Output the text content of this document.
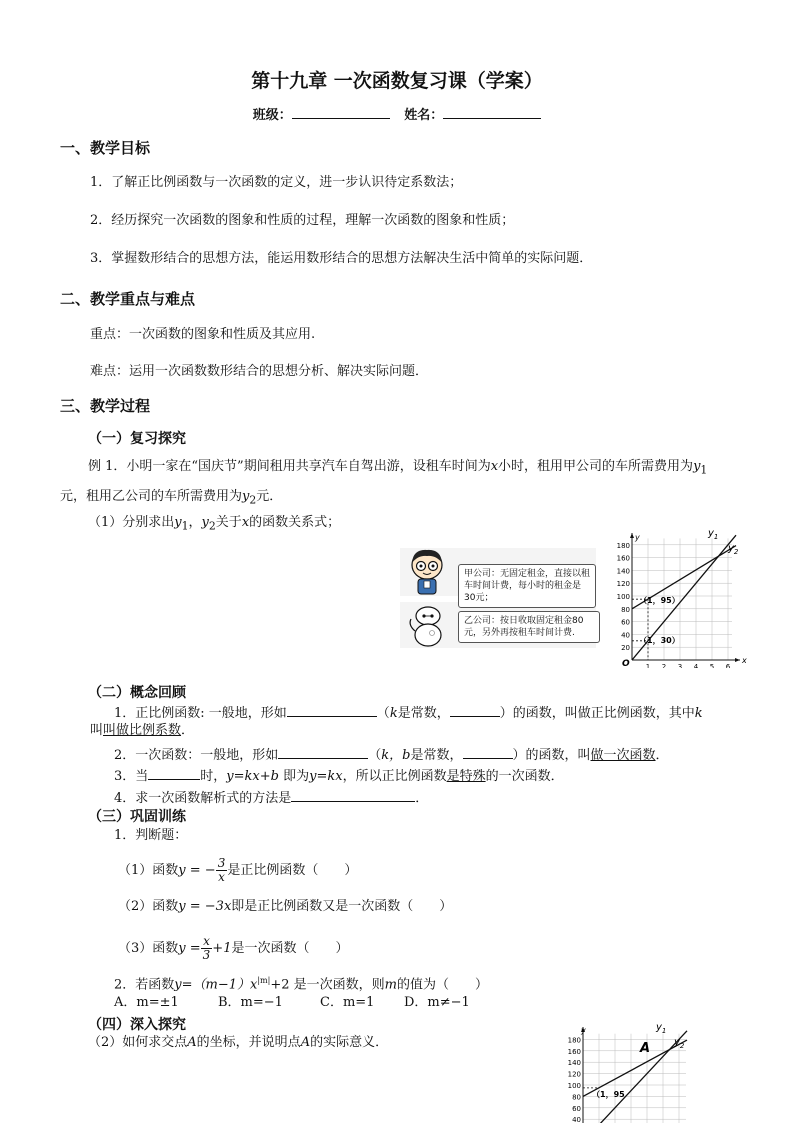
第十九章 一次函数复习课（学案）
班级：	姓名：
一、教学目标
1．了解正比例函数与一次函数的定义，进一步认识待定系数法；
2．经历探究一次函数的图象和性质的过程，理解一次函数的图象和性质；
3．掌握数形结合的思想方法，能运用数形结合的思想方法解决生活中简单的实际问题．
二、教学重点与难点
重点：一次函数的图象和性质及其应用.
难点：运用一次函数数形结合的思想分析、解决实际问题．
三、教学过程
（一）复习探究
例 1．小明一家在“国庆节”期间租用共享汽车自驾出游，设租车时间为x小时，租用甲公司的车所需费用为$y_1$
元，租用乙公司的车所需费用为$y_2$元．
（1）分别求出$y_1$，$y_2$关于x的函数关系式；
甲公司：无固定租金，直接以租车时间计费，每小时的租金是30元；
乙公司：按日收取固定租金80元，另外再按租车时间计费.
20
40
60
80
100
120
140
160
180
1 2 3 4 5 6
$y_1$
$y_2$
y
x
O
（1，95）
（1，30）
（二）概念回顾
1．正比例函数: 一般地，形如	（k是常数，	）的函数，叫做正比例函数，其中k
叫叫做比例系数．
2．一次函数：一般地，形如	（k，b是常数，	）的函数，叫做一次函数．
3．当	时，y=kx+b 即为y=kx，所以正比例函数是特殊的一次函数．
4．求一次函数解析式的方法是	．
（三）巩固训练
1．判断题：
（1）函数y = − $\frac{3}{x}$ 是正比例函数（　　）
（2）函数y = −3x即是正比例函数又是一次函数（　　）
（3）函数$y = \frac{x}{3} +1$是一次函数（　　）
2．若函数$y=(m-1)x^{|m|}+2$ 是一次函数，则m的值为（　　）
A．m=±1	B．m=−1	C．m=1 D．m≠−1
（四）深入探究
（2）如何求交点A的坐标，并说明点A的实际意义．
40
60
80
100
120
140
160
180
$y_1$
$y_2$
y
A
（1，95
